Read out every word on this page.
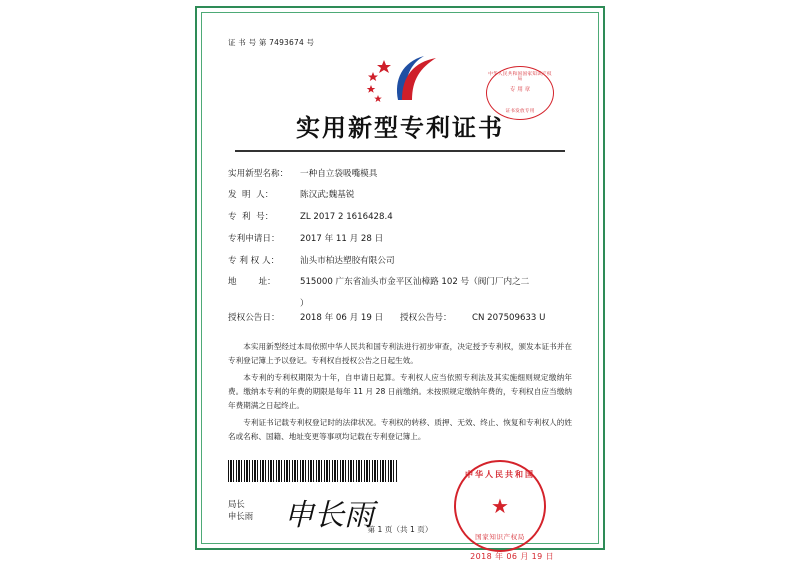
证 书 号 第 7493674 号
中华人民共和国国家知识产权局
专 用 章
证书发放专用
实用新型专利证书
实用新型名称：	一种自立袋吸嘴模具
发  明  人：	陈汉武;魏基锐
专  利  号：	ZL 2017 2 1616428.4
专利申请日：	2017 年 11 月 28 日
专 利 权 人：	汕头市柏达塑胶有限公司
地        址：	515000 广东省汕头市金平区汕樟路 102 号（阀门厂内之二
）
授权公告日：	2018 年 06 月 19 日	授权公告号：	CN 207509633 U

本实用新型经过本局依照中华人民共和国专利法进行初步审查，决定授予专利权，颁发本证书并在专利登记簿上予以登记。专利权自授权公告之日起生效。

本专利的专利权期限为十年，自申请日起算。专利权人应当依照专利法及其实施细则规定缴纳年费。缴纳本专利的年费的期限是每年 11 月 28 日前缴纳。未按照规定缴纳年费的，专利权自应当缴纳年费期满之日起终止。

专利证书记载专利权登记时的法律状况。专利权的转移、质押、无效、终止、恢复和专利权人的姓名或名称、国籍、地址变更等事项均记载在专利登记簿上。

局长
申长雨 申长雨
中华人民共和国
★
国家知识产权局
2018 年 06 月 19 日
第 1 页（共 1 页）
